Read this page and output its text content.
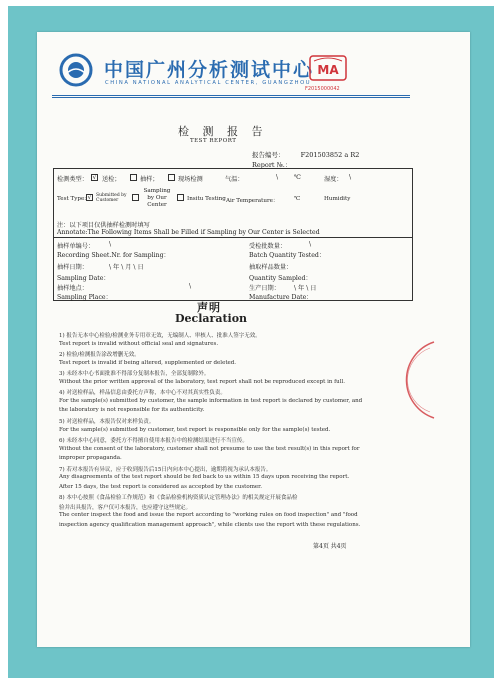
中国广州分析测试中心
CHINA NATIONAL ANALYTICAL CENTER, GUANGZHOU
MA
F2015000042
检 测 报 告
TEST REPORT
报告编号： F201503852 a R2
Report №.：
检测类型： √ 送检；	抽样；	现场检测	气温：	\	℃	湿度： \
Test Type: √	Submitted by Customer
Sampling by Our Center
Insitu Testing Air Temperature：	℃	Humidity
注：以下项目仅供抽样检测时填写
Annotate:The Following Items Shall be Filled if Sampling by Our Center is Selected
抽样单编号： \	受检批数量：	\
Recording Sheet.Nr. for Sampling：	Batch Quantity Tested：
抽样日期：	\ 年 \ 月 \ 日	抽取样品数量：
Sampling Date：	Quantity Sampled：
抽样地点：	\	生产日期： \ 年 \ 日
Sampling Place：	Manufacture Date：
声明
Declaration
1) 报告无本中心检验/检测业务专用章无效，无编制人、审核人、批准人签字无效。
Test report is invalid without official seal and signatures.
2) 检验/检测报告涂改增删无效。
Test report is invalid if being altered, supplemented or deleted.
3) 未经本中心书面批准不得部分复制本报告，全部复制除外。
Without the prior written approval of the laboratory, test report shall not be reproduced except in full.
4) 对送检样品，样品信息由委托方声称，本中心不对其真实性负责。
For the sample(s) submitted by customer, the sample information in test report is declared by customer, and
the laboratory is not responsible for its authenticity.
5) 对送检样品，本报告仅对来样负责。
For the sample(s) submitted by customer, test report is responsible only for the sample(s) tested.
6) 未经本中心同意，委托方不得擅自使用本报告中的检测结果进行不当宣传。
Without the consent of the laboratory, customer shall not presume to use the test result(s) in this report for
improper propaganda.
7) 若对本报告有异议，应于收到报告后15日内向本中心提出，逾期将视为承认本报告。
Any disagreements of the test report should be fed back to us within 15 days upon receiving the report.
After 15 days, the test report is considered as accepted by the customer.
8) 本中心按照《食品检验工作规范》和《食品检验机构资质认定管理办法》的相关规定开展食品检
验并出具报告，客户仅可本报告，也应遵守这些规定。
The center inspect the food and issue the report according to "working rules on food inspection" and "food
inspection agency qualification management approach", while clients use the report with these regulations.
第4页 共4页
